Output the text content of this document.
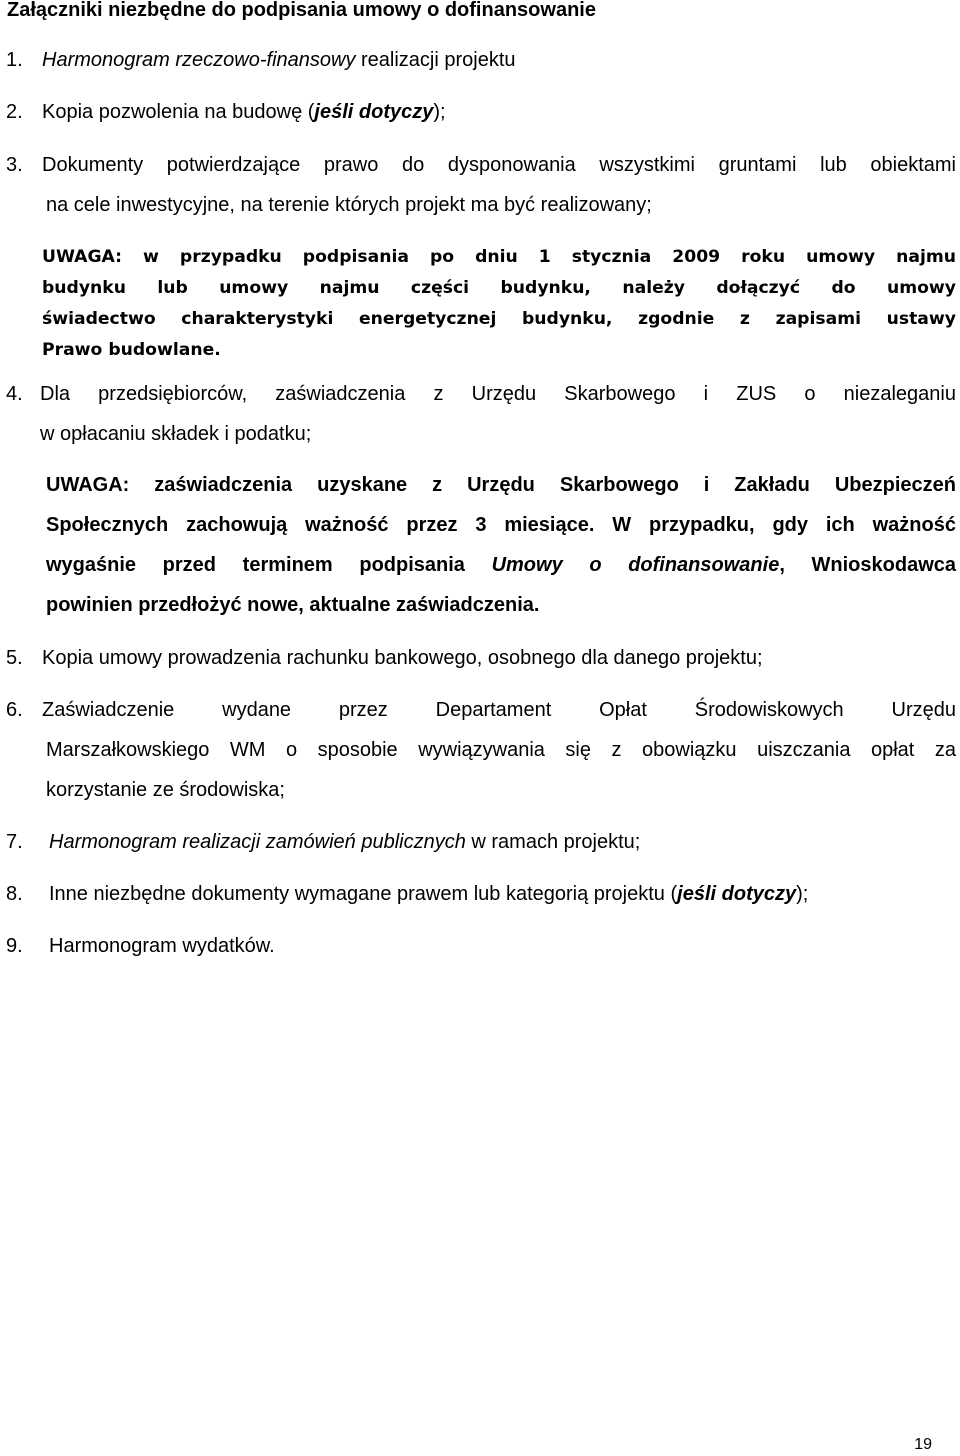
Załączniki niezbędne do podpisania umowy o dofinansowanie
1. Harmonogram rzeczowo-finansowy realizacji projektu
2. Kopia pozwolenia na budowę (jeśli dotyczy);
3. Dokumenty potwierdzające prawo do dysponowania wszystkimi gruntami lub obiektami
na cele inwestycyjne, na terenie których projekt ma być realizowany;
UWAGA: w przypadku podpisania po dniu 1 stycznia 2009 roku umowy najmu
budynku lub umowy najmu części budynku, należy dołączyć do umowy
świadectwo charakterystyki energetycznej budynku, zgodnie z zapisami ustawy
Prawo budowlane.
4. Dla przedsiębiorców, zaświadczenia z Urzędu Skarbowego i ZUS o niezaleganiu
w opłacaniu składek i podatku;
UWAGA: zaświadczenia uzyskane z Urzędu Skarbowego i Zakładu Ubezpieczeń
Społecznych zachowują ważność przez 3 miesiące. W przypadku, gdy ich ważność
wygaśnie przed terminem podpisania Umowy o dofinansowanie, Wnioskodawca
powinien przedłożyć nowe, aktualne zaświadczenia.
5. Kopia umowy prowadzenia rachunku bankowego, osobnego dla danego projektu;
6. Zaświadczenie wydane przez Departament Opłat Środowiskowych Urzędu
Marszałkowskiego WM o sposobie wywiązywania się z obowiązku uiszczania opłat za
korzystanie ze środowiska;
7. Harmonogram realizacji zamówień publicznych w ramach projektu;
8. Inne niezbędne dokumenty wymagane prawem lub kategorią projektu (jeśli dotyczy);
9. Harmonogram wydatków.
19
